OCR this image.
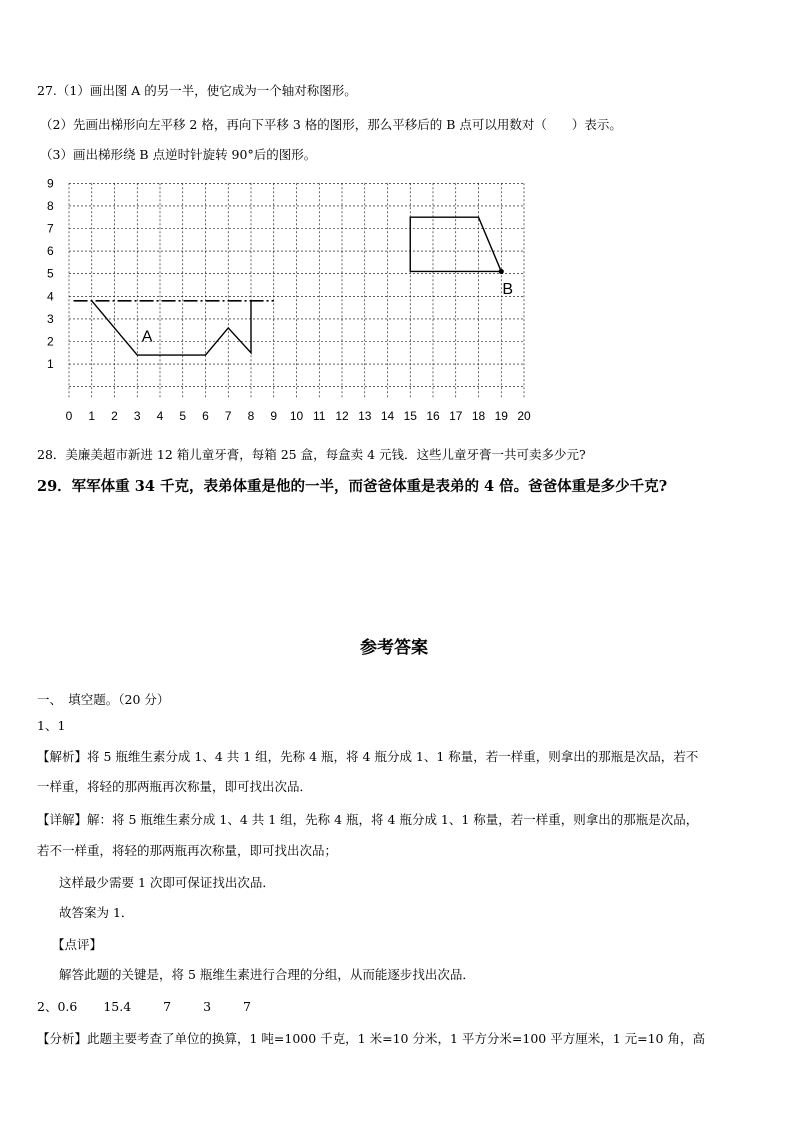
27.（1）画出图 A 的另一半，使它成为一个轴对称图形。
（2）先画出梯形向左平移 2 格，再向下平移 3 格的图形，那么平移后的 B 点可以用数对（　　）表示。
（3）画出梯形绕 B 点逆时针旋转 90°后的图形。
0 1 2 3 4 5 6 7 8 9 10 11 12 13 14 15 16 17 18 19 20
1
2
3
4
5
6
7
8
9
A
B
28．美廉美超市新进 12 箱儿童牙膏，每箱 25 盒，每盒卖 4 元钱．这些儿童牙膏一共可卖多少元?
29．军军体重 34 千克，表弟体重是他的一半，而爸爸体重是表弟的 4 倍。爸爸体重是多少千克?
参考答案
一、　填空题。（20 分）
1、1
【解析】将 5 瓶维生素分成 1、4 共 1 组，先称 4 瓶，将 4 瓶分成 1、1 称量，若一样重，则拿出的那瓶是次品，若不
一样重，将轻的那两瓶再次称量，即可找出次品．
【详解】解：将 5 瓶维生素分成 1、4 共 1 组，先称 4 瓶，将 4 瓶分成 1、1 称量，若一样重，则拿出的那瓶是次品，
若不一样重，将轻的那两瓶再次称量，即可找出次品；
这样最少需要 1 次即可保证找出次品．
故答案为 1．
【点评】
解答此题的关键是，将 5 瓶维生素进行合理的分组，从而能逐步找出次品．
2、0.6 15.4	7	3	7
【分析】此题主要考查了单位的换算，1 吨=1000 千克，1 米=10 分米，1 平方分米=100 平方厘米，1 元=10 角，高
